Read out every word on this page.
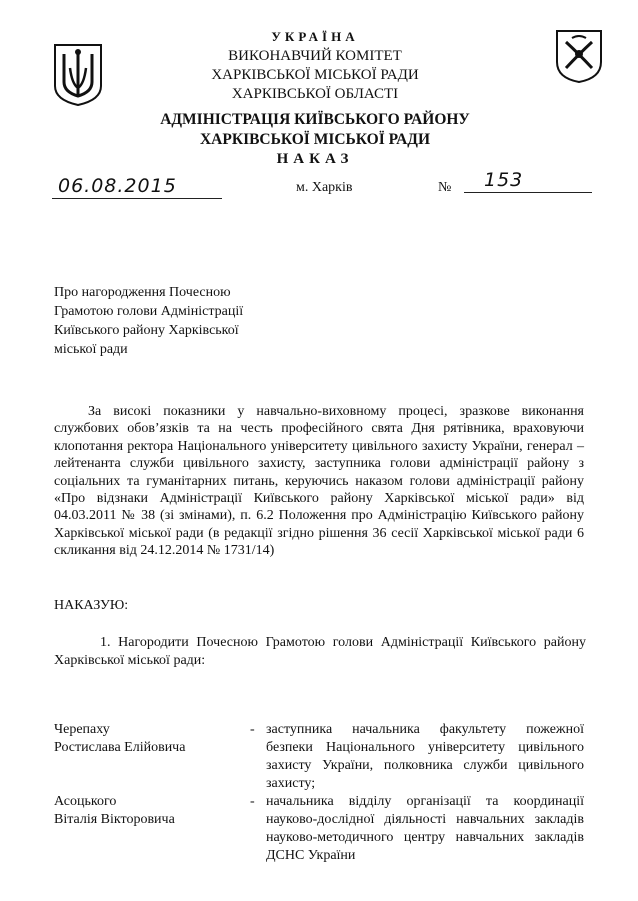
УКРАЇНА
ВИКОНАВЧИЙ КОМІТЕТ
ХАРКІВСЬКОЇ МІСЬКОЇ РАДИ
ХАРКІВСЬКОЇ ОБЛАСТІ
АДМІНІСТРАЦІЯ КИЇВСЬКОГО РАЙОНУ
ХАРКІВСЬКОЇ МІСЬКОЇ РАДИ
НАКАЗ
06.08.2015	м. Харків	№ 153
Про нагородження Почесною
Грамотою голови Адміністрації
Київського району Харківської
міської ради
За високі показники у навчально-виховному процесі, зразкове виконання службових обов’язків та на честь професійного свята Дня рятівника, враховуючи клопотання ректора Національного університету цивільного захисту України, генерал – лейтенанта служби цивільного захисту, заступника голови адміністрації району з соціальних та гуманітарних питань, керуючись наказом голови адміністрації району «Про відзнаки Адміністрації Київського району Харківської міської ради» від 04.03.2011 № 38 (зі змінами), п. 6.2 Положення про Адміністрацію Київського району Харківської міської ради (в редакції згідно рішення 36 сесії Харківської міської ради 6 скликання від 24.12.2014 № 1731/14)
НАКАЗУЮ:
1. Нагородити Почесною Грамотою голови Адміністрації Київського району Харківської міської ради:
Черепаху
Ростислава Елійовича
- заступника начальника факультету пожежної безпеки Національного університету цивільного захисту України, полковника служби цивільного захисту;
Асоцького
Віталія Вікторовича
- начальника відділу організації та координації науково-дослідної діяльності навчальних закладів науково-методичного центру навчальних закладів ДСНС України
